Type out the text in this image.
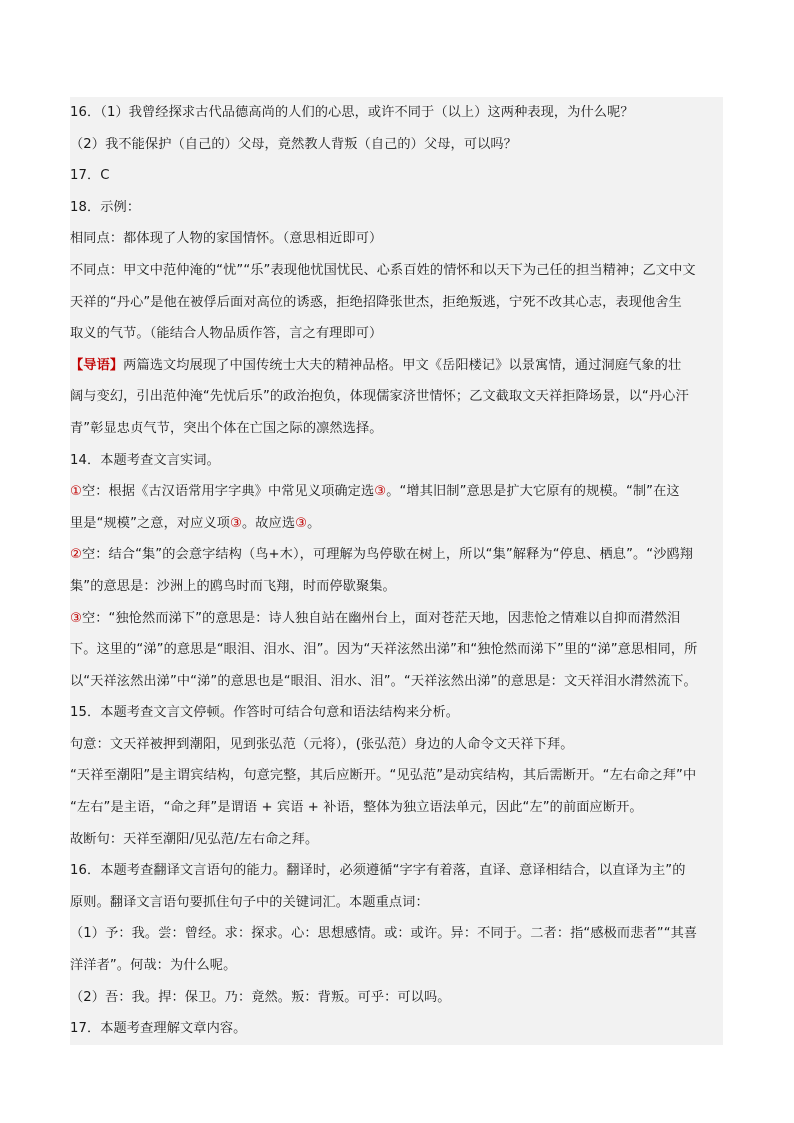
16．（1）我曾经探求古代品德高尚的人们的心思，或许不同于（以上）这两种表现，为什么呢？
（2）我不能保护（自己的）父母，竟然教人背叛（自己的）父母，可以吗？
17．C
18．示例：
相同点：都体现了人物的家国情怀。（意思相近即可）
不同点：甲文中范仲淹的“忧”“乐”表现他忧国忧民、心系百姓的情怀和以天下为己任的担当精神；乙文中文
天祥的“丹心”是他在被俘后面对高位的诱惑，拒绝招降张世杰，拒绝叛逃，宁死不改其心志，表现他舍生
取义的气节。（能结合人物品质作答，言之有理即可）
【导语】两篇选文均展现了中国传统士大夫的精神品格。甲文《岳阳楼记》以景寓情，通过洞庭气象的壮
阔与变幻，引出范仲淹“先忧后乐”的政治抱负，体现儒家济世情怀；乙文截取文天祥拒降场景，以“丹心汗
青”彰显忠贞气节，突出个体在亡国之际的凛然选择。
14．本题考查文言实词。
①空：根据《古汉语常用字字典》中常见义项确定选③。“增其旧制”意思是扩大它原有的规模。“制”在这
里是“规模”之意，对应义项③。故应选③。
②空：结合“集”的会意字结构（鸟+木），可理解为鸟停歇在树上，所以“集”解释为“停息、栖息”。“沙鸥翔
集”的意思是：沙洲上的鸥鸟时而飞翔，时而停歇聚集。
③空：“独怆然而涕下”的意思是：诗人独自站在幽州台上，面对苍茫天地，因悲怆之情难以自抑而潸然泪
下。这里的“涕”的意思是“眼泪、泪水、泪”。因为“天祥泫然出涕”和“独怆然而涕下”里的“涕”意思相同，所
以“天祥泫然出涕”中“涕”的意思也是“眼泪、泪水、泪”。“天祥泫然出涕”的意思是：文天祥泪水潸然流下。
15．本题考查文言文停顿。作答时可结合句意和语法结构来分析。
句意：文天祥被押到潮阳，见到张弘范（元将），(张弘范）身边的人命令文天祥下拜。
“天祥至潮阳”是主谓宾结构，句意完整，其后应断开。“见弘范”是动宾结构，其后需断开。“左右命之拜”中
“左右”是主语，“命之拜”是谓语 + 宾语 + 补语，整体为独立语法单元，因此“左”的前面应断开。
故断句：天祥至潮阳/见弘范/左右命之拜。
16．本题考查翻译文言语句的能力。翻译时，必须遵循“字字有着落，直译、意译相结合，以直译为主”的
原则。翻译文言语句要抓住句子中的关键词汇。本题重点词：
（1）予：我。尝：曾经。求：探求。心：思想感情。或：或许。异：不同于。二者：指“感极而悲者”“其喜
洋洋者”。何哉：为什么呢。
（2）吾：我。捍：保卫。乃：竟然。叛：背叛。可乎：可以吗。
17．本题考查理解文章内容。
